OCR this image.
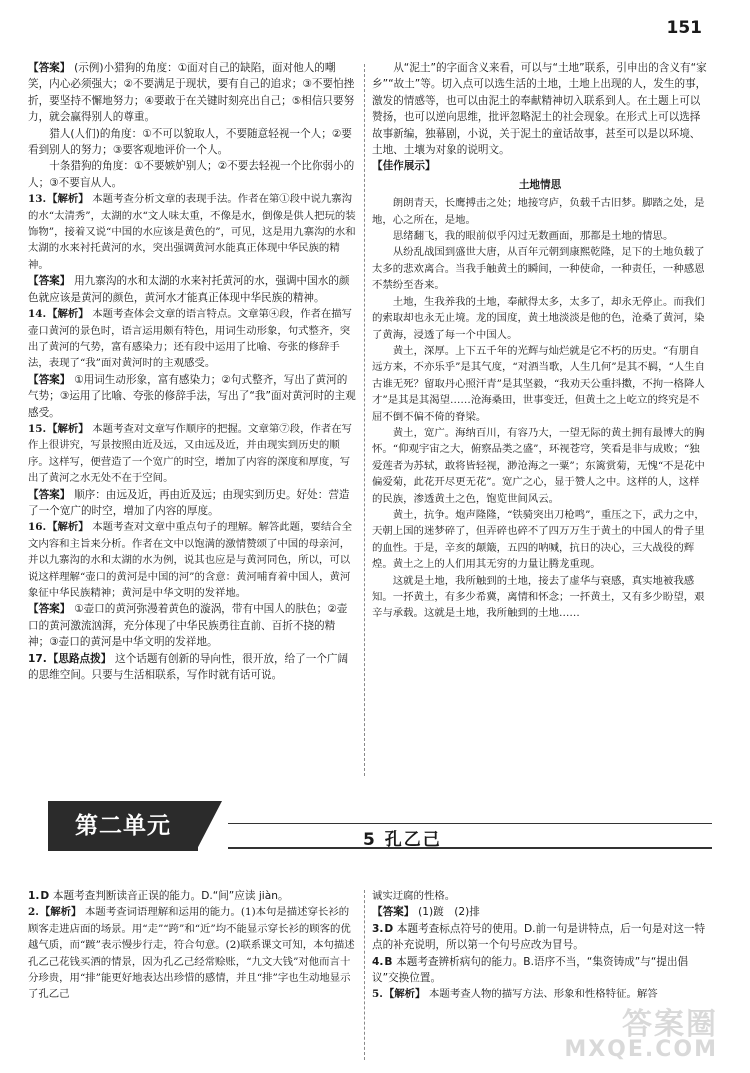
151

【答案】 (示例)小猎狗的角度：①面对自己的缺陷，面对他人的嘲笑，内心必须强大；②不要满足于现状，要有自己的追求；③不要怕挫折，要坚持不懈地努力；④要敢于在关键时刻亮出自己；⑤相信只要努力，就会赢得别人的尊重。

猎人(人们)的角度：①不可以貌取人，不要随意轻视一个人；②要看到别人的努力；③要客观地评价一个人。

十条猎狗的角度：①不要嫉妒别人；②不要去轻视一个比你弱小的人；③不要盲从人。

13.【解析】 本题考查分析文章的表现手法。作者在第①段中说九寨沟的水“太清秀”，太湖的水“文人味太重，不像是水，倒像是供人把玩的装饰物”，接着又说“中国的水应该是黄色的”，可见，这是用九寨沟的水和太湖的水来衬托黄河的水，突出强调黄河水能真正体现中华民族的精神。

【答案】 用九寨沟的水和太湖的水来衬托黄河的水，强调中国水的颜色就应该是黄河的颜色，黄河水才能真正体现中华民族的精神。

14.【解析】 本题考查体会文章的语言特点。文章第④段，作者在描写壶口黄河的景色时，语言运用颇有特色，用词生动形象，句式整齐，突出了黄河的气势，富有感染力；还有段中运用了比喻、夸张的修辞手法，表现了“我”面对黄河时的主观感受。

【答案】 ①用词生动形象，富有感染力；②句式整齐，写出了黄河的气势；③运用了比喻、夸张的修辞手法，写出了“我”面对黄河时的主观感受。

15.【解析】 本题考查对文章写作顺序的把握。文章第⑦段，作者在写作上很讲究，写景按照由近及远，又由远及近，并由现实到历史的顺序。这样写，便营造了一个宽广的时空，增加了内容的深度和厚度，写出了黄河之水无处不在于空间。

【答案】 顺序：由远及近，再由近及远；由现实到历史。好处：营造了一个宽广的时空，增加了内容的厚度。

16.【解析】 本题考查对文章中重点句子的理解。解答此题，要结合全文内容和主旨来分析。作者在文中以饱满的激情赞颂了中国的母亲河，并以九寨沟的水和太湖的水为例，说其也应是与黄河同色，所以，可以说这样理解“壶口的黄河是中国的河”的含意：黄河哺育着中国人，黄河象征中华民族精神；黄河是中华文明的发祥地。

【答案】 ①壶口的黄河弥漫着黄色的漩涡，带有中国人的肤色；②壶口的黄河激流汹湃，充分体现了中华民族勇往直前、百折不挠的精神；③壶口的黄河是中华文明的发祥地。

17.【思路点拨】 这个话题有创新的导向性，很开放，给了一个广阔的思维空间。只要与生活相联系，写作时就有话可说。

从“泥土”的字面含义来看，可以与“土地”联系，引申出的含义有“家乡”“故土”等。切入点可以选生活的土地，土地上出现的人，发生的事，激发的情感等，也可以由泥土的奉献精神切入联系到人。在土题上可以赞扬，也可以逆向思维，批评忽略泥土的社会现象。在形式上可以选择故事新编，独幕剧，小说，关于泥土的童话故事，甚至可以是以环境、土地、土壤为对象的说明文。

【佳作展示】

土地情思

朗朗青天，长鹰搏击之处；地接穹庐，负载千古旧梦。脚踏之处，是地，心之所在，是地。

思绪翻飞，我的眼前似乎闪过无数画面，那都是土地的情思。

从纷乱战国到盛世大唐，从百年元朝到康熙乾隆，足下的土地负载了太多的悲欢离合。当我手触黄土的瞬间，一种使命，一种责任，一种感恩不禁纷至沓来。

土地，生我养我的土地，奉献得太多，太多了，却永无停止。而我们的索取却也永无止境。龙的国度，黄土地淡淡是他的色，沧桑了黄河，染了黄海，浸透了每一个中国人。

黄土，深厚。上下五千年的光辉与灿烂就是它不朽的历史。“有朋自远方来，不亦乐乎”是其气度，“对酒当歌，人生几何”是其不羁，“人生自古谁无死？留取丹心照汗青”是其坚毅，“我劝天公重抖擞，不拘一格降人才”是其是其渴望……沧海桑田，世事变迁，但黄土之上屹立的终究是不屈不倒不偏不倚的脊梁。

黄土，宽广。海纳百川，有容乃大，一望无际的黄土拥有最博大的胸怀。“仰观宇宙之大，俯察品类之盛”，环视苍穹，笑看是非与成败；“独爱莲者为苏轼，敢将皆轻视，渺沧海之一粟”；东篱赏菊，无愧“不是花中偏爱菊，此花开尽更无花”。宽广之心，显于赞人之中。这样的人，这样的民族，渗透黄土之色，饱览世间风云。

黄土，抗争。炮声隆隆，“铁骑突出刀枪鸣”，重压之下，武力之中，天朝上国的迷梦碎了，但弄碎也碎不了四万万生于黄土的中国人的骨子里的血性。于是，辛亥的颠簸，五四的呐喊，抗日的决心，三大战役的辉煌。黄土之上的人们用其无穷的力量让腾龙重现。

这就是土地，我所触到的土地，接去了虚华与衰感，真实地被我感知。一抔黄土，有多少希冀，离情和怀念；一抔黄土，又有多少盼望，艰辛与承载。这就是土地，我所触到的土地……

第二单元
5 孔乙己

1.D 本题考查判断读音正误的能力。D.“间”应读 jiàn。

2.【解析】 本题考查词语理解和运用的能力。(1)本句是描述穿长衫的顾客走进店面的场景。用“走”“跨”和“近”均不能显示穿长衫的顾客的优越气质，而“踱”表示慢步行走，符合句意。(2)联系课文可知，本句描述孔乙己花钱买酒的情景，因为孔乙己经常赊账，“九文大钱”对他而言十分珍贵，用“排”能更好地表达出珍惜的感情，并且“排”字也生动地显示了孔乙己

诚实迂腐的性格。

【答案】 (1)踱　(2)排

3.D 本题考查标点符号的使用。D.前一句是讲特点，后一句是对这一特点的补充说明，所以第一个句号应改为冒号。

4.B 本题考查辨析病句的能力。B.语序不当，“集资铸成”与“提出倡议”交换位置。

5.【解析】 本题考查人物的描写方法、形象和性格特征。解答

答案圈
MXQE.COM
